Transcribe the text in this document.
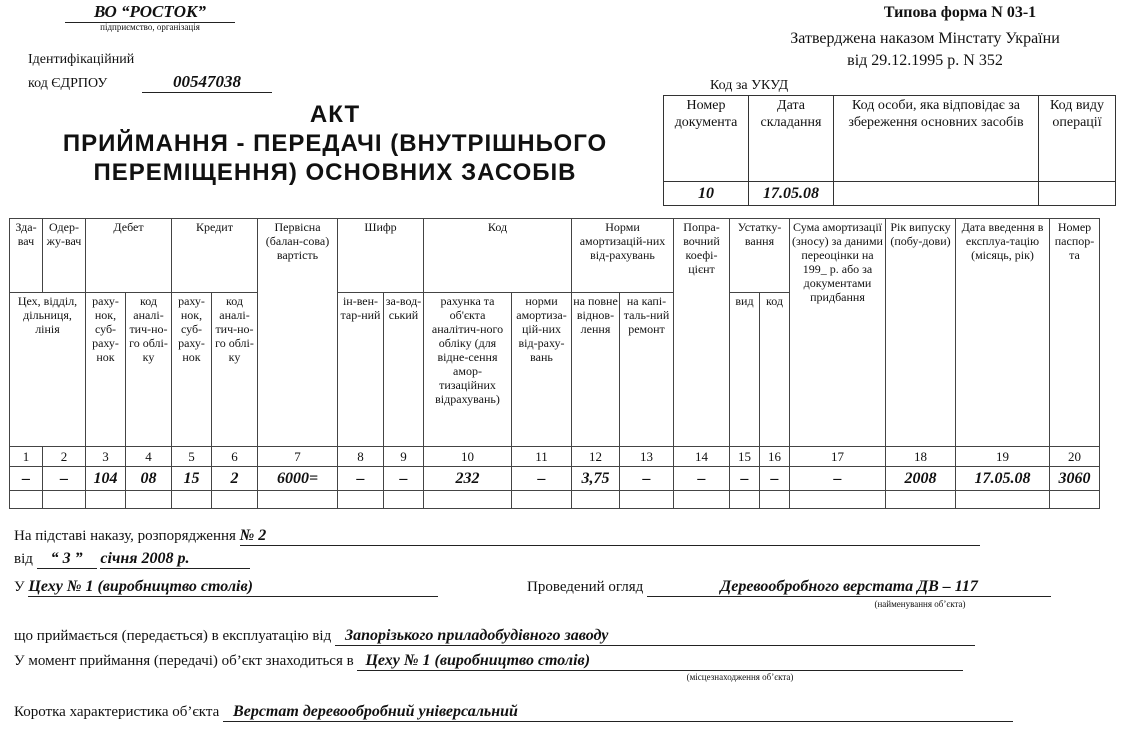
ВО “РОСТОК”
підприємство, організація
Ідентифікаційний
код ЄДРПОУ	00547038
Типова форма N 03-1
Затверджена наказом Мінстату України
від 29.12.1995 р. N 352
Код за УКУД
АКТ
ПРИЙМАННЯ - ПЕРЕДАЧІ (ВНУТРІШНЬОГО
ПЕРЕМІЩЕННЯ) ОСНОВНИХ ЗАСОБІВ
Номер документа	Дата складання	Код особи, яка відповідає за збереження основних засобів	Код виду операції
10	17.05.08		
Зда-вач	Одер-жу-вач	Дебет		Кредит		Первісна (балан-сова) вартість	Шифр		Код		Норми амортизацій-них від-рахувань		Попра-вочний коефі-цієнт	Устатку-вання		Сума амортизації (зносу) за даними переоцінки на 199_ р. або за документами придбання	Рік випуску (побу-дови)	Дата введення в експлуа-тацію (місяць, рік)	Номер паспор-та
Цех, відділ, дільниця, лінія		раху-нок, суб-раху-нок	код аналі-тич-но-го облі-ку	раху-нок, суб-раху-нок	код аналі-тич-но-го облі-ку		ін-вен-тар-ний	за-вод-ський	рахунка та об'єкта аналітич-ного обліку (для відне-сення амор-тизаційних відрахувань)	норми амортиза-цій-них від-раху-вань	на повне віднов-лення	на капі-таль-ний ремонт		вид	код				
1	2	3	4	5	6	7	8	9	10	11	12	13	14	15	16	17	18	19	20
–	–	104	08	15	2	6000=	–	–	232	–	3,75	–	–	–	–	–	2008	17.05.08	3060

На підставі наказу, розпорядження № 2
від “ 3 ” січня 2008 р.
У Цеху № 1 (виробництво столів)	Проведений огляд	Деревообробного верстата ДВ – 117
(найменування об’єкта)
що приймається (передається) в експлуатацію від Запорізького приладобудівного заводу
У момент приймання (передачі) об’єкт знаходиться в Цеху № 1 (виробництво столів)
(місцезнаходження об’єкта)
Коротка характеристика об’єкта Верстат деревообробний універсальний
